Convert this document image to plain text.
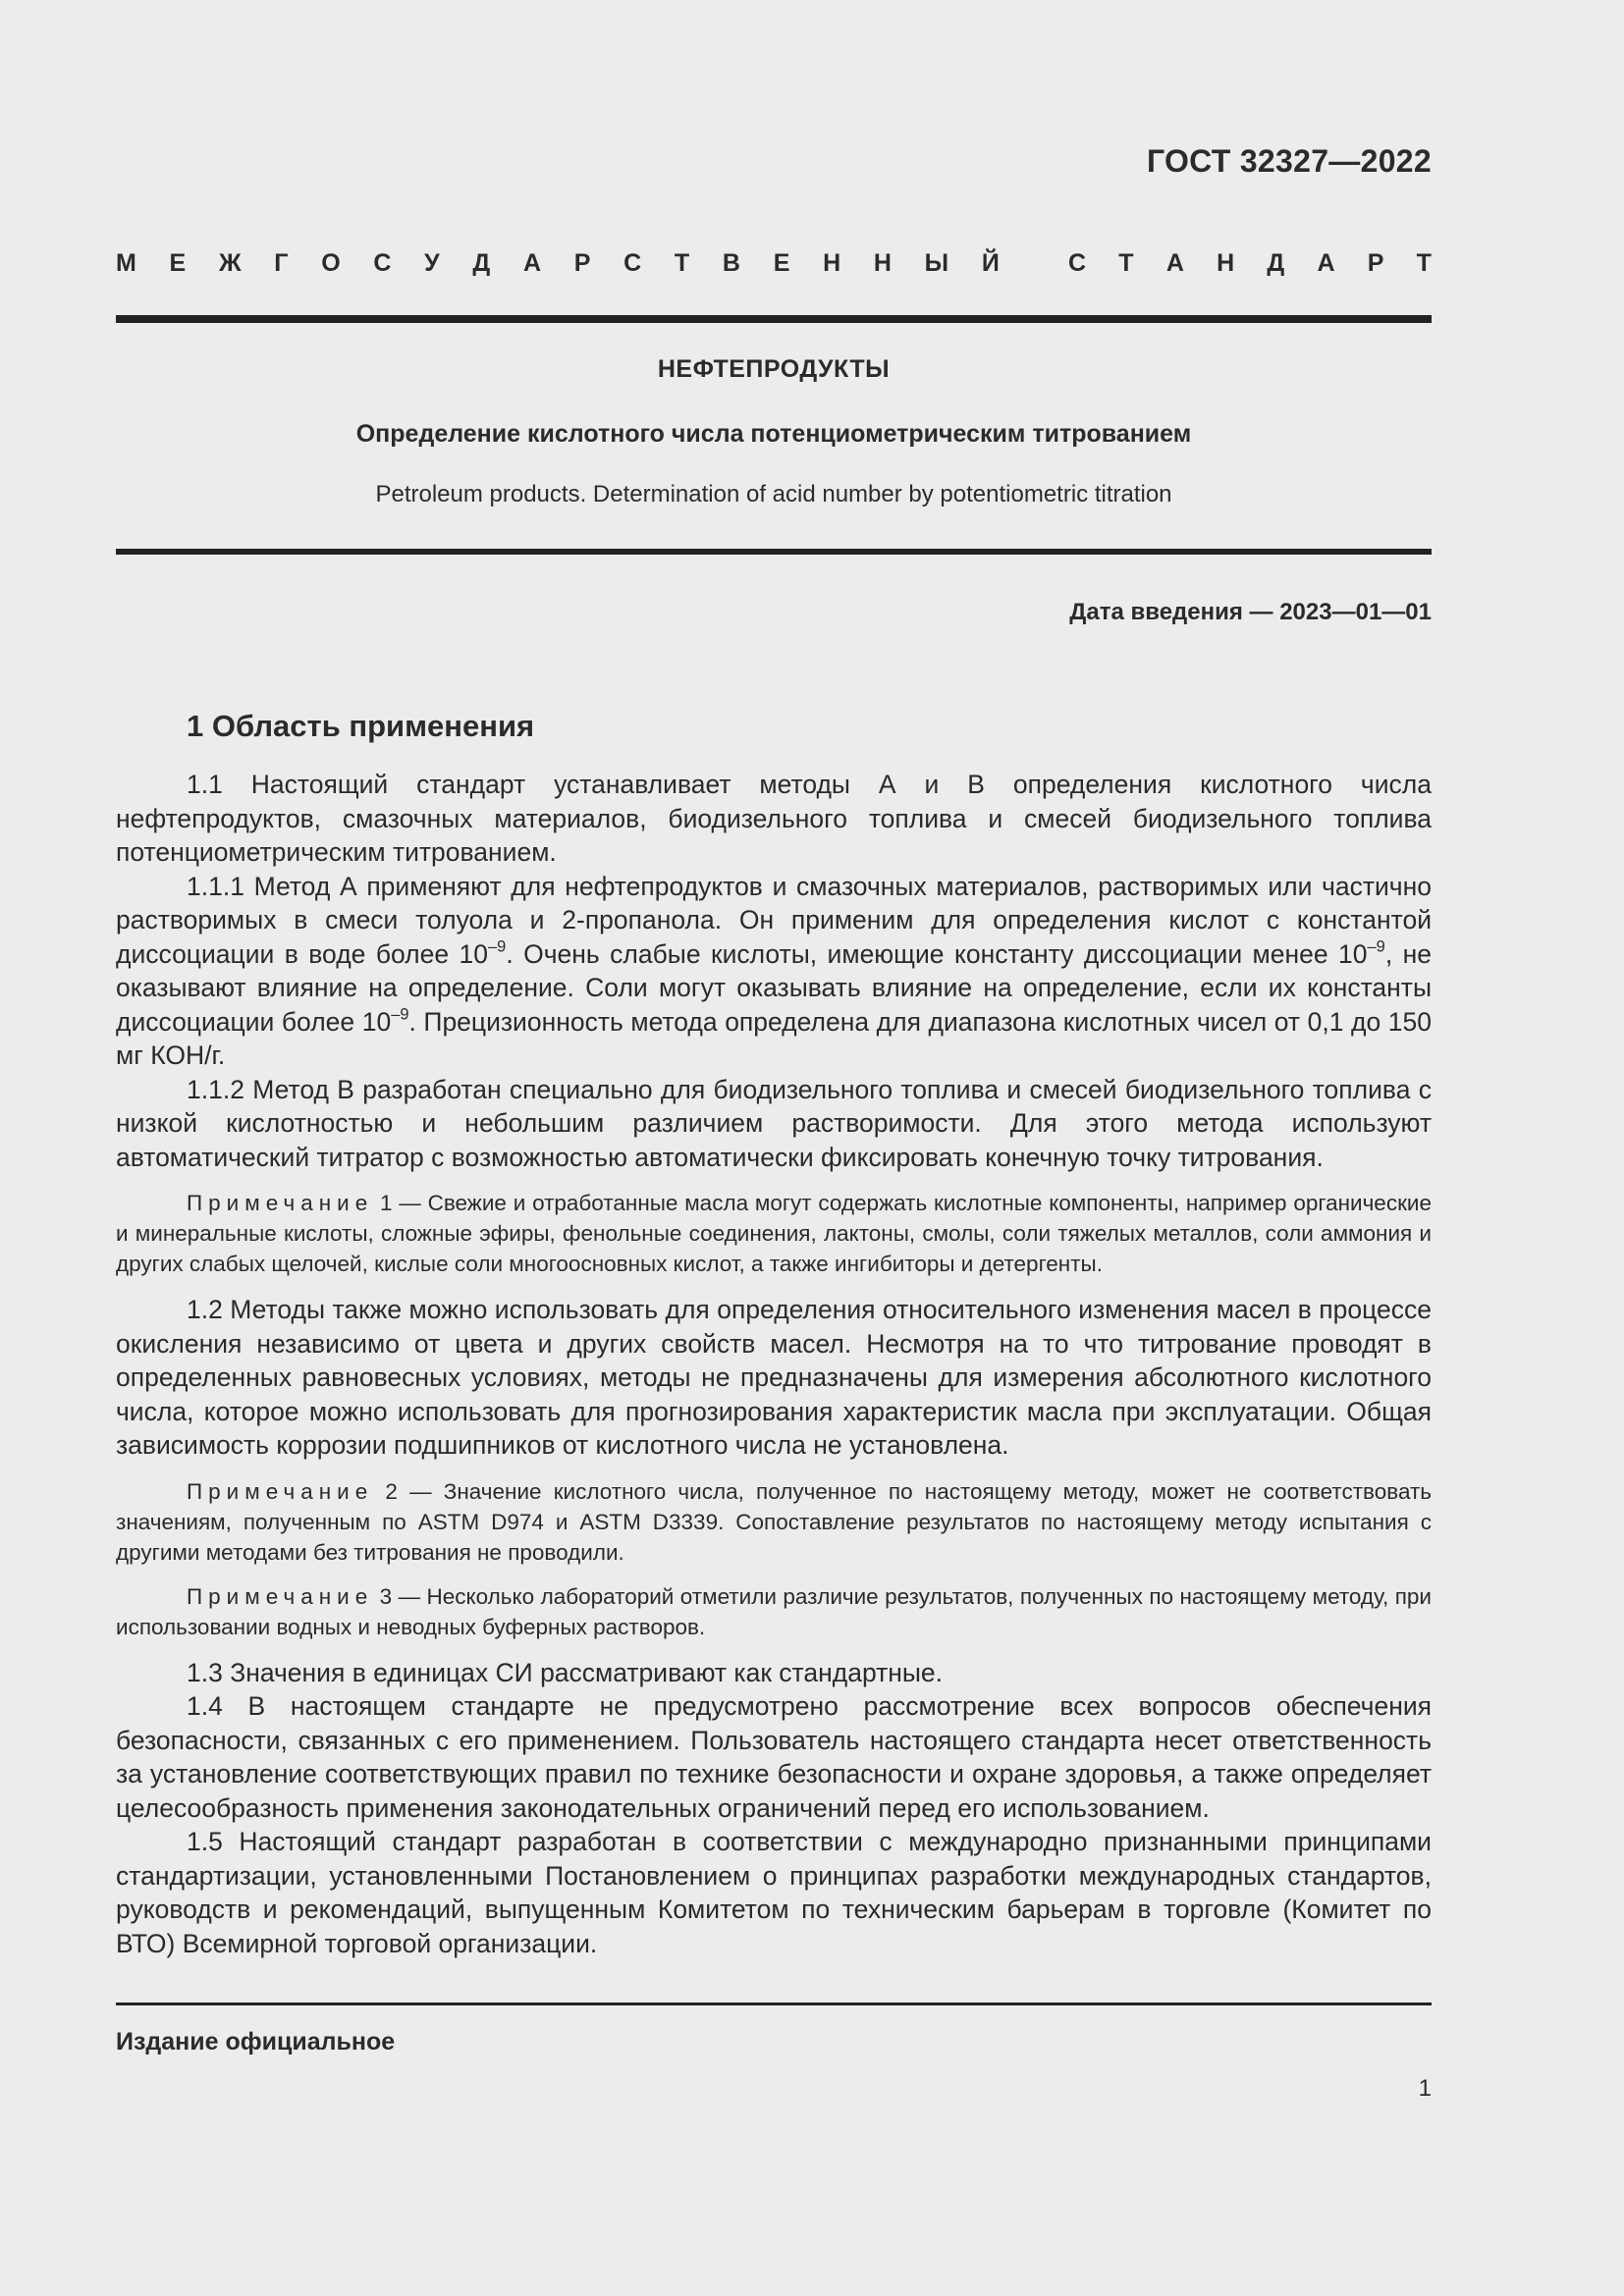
ГОСТ 32327—2022
М Е Ж Г О С У Д А Р С Т В Е Н Н Ы Й	С Т А Н Д А Р Т
НЕФТЕПРОДУКТЫ
Определение кислотного числа потенциометрическим титрованием
Petroleum products. Determination of acid number by potentiometric titration
Дата введения — 2023—01—01
1 Область применения

1.1 Настоящий стандарт устанавливает методы А и В определения кислотного числа нефтепродуктов, смазочных материалов, биодизельного топлива и смесей биодизельного топлива потенциометрическим титрованием.

1.1.1 Метод А применяют для нефтепродуктов и смазочных материалов, растворимых или частично растворимых в смеси толуола и 2-пропанола. Он применим для определения кислот с константой диссоциации в воде более $10^{-9}$. Очень слабые кислоты, имеющие константу диссоциации менее $10^{-9}$, не оказывают влияние на определение. Соли могут оказывать влияние на определение, если их константы диссоциации более $10^{-9}$. Прецизионность метода определена для диапазона кислотных чисел от 0,1 до 150 мг КОН/г.

1.1.2 Метод В разработан специально для биодизельного топлива и смесей биодизельного топлива с низкой кислотностью и небольшим различием растворимости. Для этого метода используют автоматический титратор с возможностью автоматически фиксировать конечную точку титрования.

Примечание 1 — Свежие и отработанные масла могут содержать кислотные компоненты, например органические и минеральные кислоты, сложные эфиры, фенольные соединения, лактоны, смолы, соли тяжелых металлов, соли аммония и других слабых щелочей, кислые соли многоосновных кислот, а также ингибиторы и детергенты.

1.2 Методы также можно использовать для определения относительного изменения масел в процессе окисления независимо от цвета и других свойств масел. Несмотря на то что титрование проводят в определенных равновесных условиях, методы не предназначены для измерения абсолютного кислотного числа, которое можно использовать для прогнозирования характеристик масла при эксплуатации. Общая зависимость коррозии подшипников от кислотного числа не установлена.

Примечание 2 — Значение кислотного числа, полученное по настоящему методу, может не соответствовать значениям, полученным по ASTM D974 и ASTM D3339. Сопоставление результатов по настоящему методу испытания с другими методами без титрования не проводили.

Примечание 3 — Несколько лабораторий отметили различие результатов, полученных по настоящему методу, при использовании водных и неводных буферных растворов.

1.3 Значения в единицах СИ рассматривают как стандартные.

1.4 В настоящем стандарте не предусмотрено рассмотрение всех вопросов обеспечения безопасности, связанных с его применением. Пользователь настоящего стандарта несет ответственность за установление соответствующих правил по технике безопасности и охране здоровья, а также определяет целесообразность применения законодательных ограничений перед его использованием.

1.5 Настоящий стандарт разработан в соответствии с международно признанными принципами стандартизации, установленными Постановлением о принципах разработки международных стандартов, руководств и рекомендаций, выпущенным Комитетом по техническим барьерам в торговле (Комитет по ВТО) Всемирной торговой организации.

Издание официальное
1
